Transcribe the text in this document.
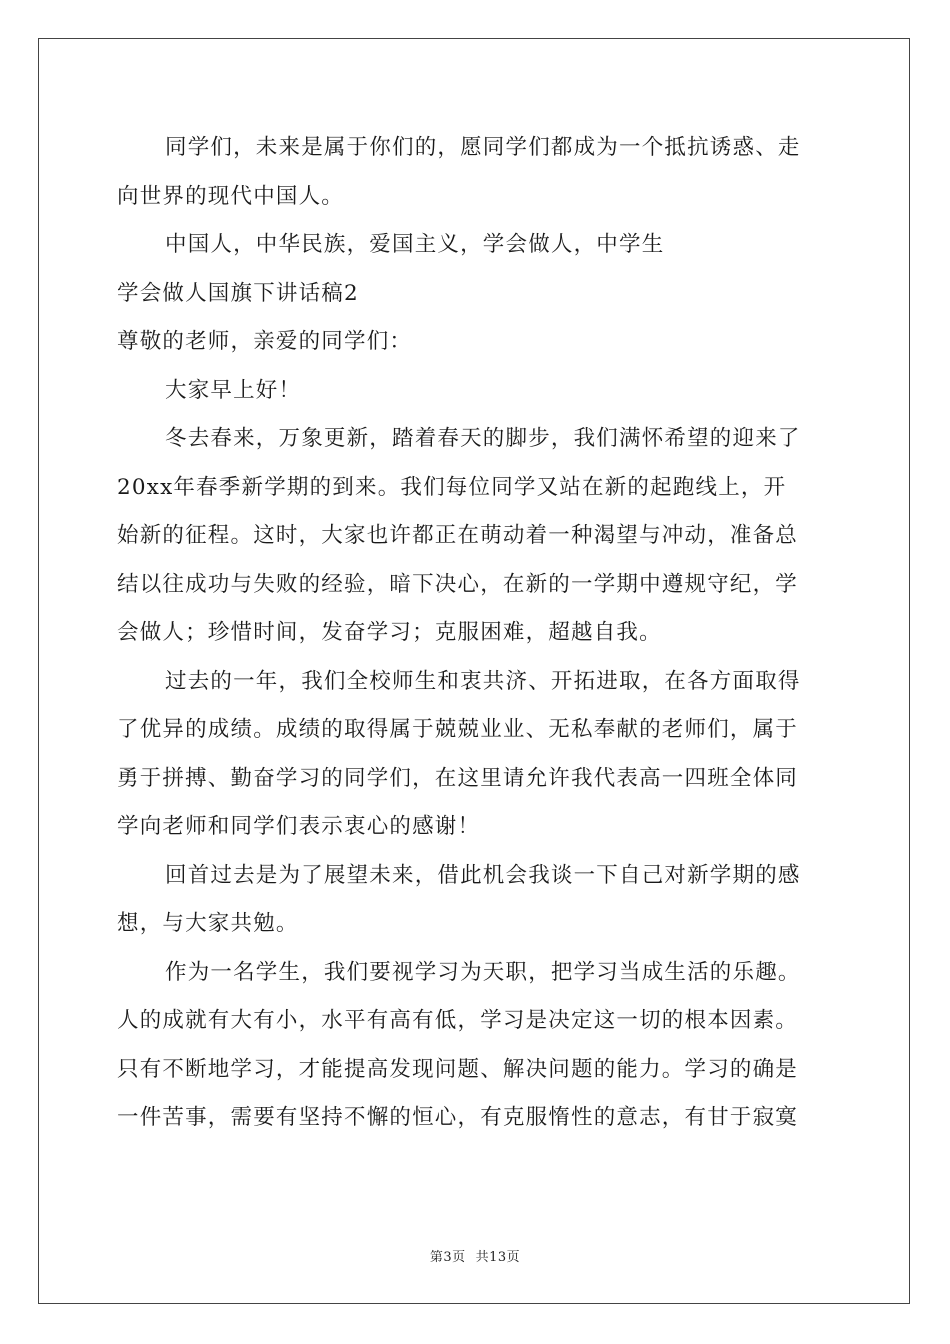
同学们，未来是属于你们的，愿同学们都成为一个抵抗诱惑、走
向世界的现代中国人。
中国人，中华民族，爱国主义，学会做人，中学生
学会做人国旗下讲话稿2
尊敬的老师，亲爱的同学们：
大家早上好！
冬去春来，万象更新，踏着春天的脚步，我们满怀希望的迎来了
20xx年春季新学期的到来。我们每位同学又站在新的起跑线上，开
始新的征程。这时，大家也许都正在萌动着一种渴望与冲动，准备总
结以往成功与失败的经验，暗下决心，在新的一学期中遵规守纪，学
会做人；珍惜时间，发奋学习；克服困难，超越自我。
过去的一年，我们全校师生和衷共济、开拓进取，在各方面取得
了优异的成绩。成绩的取得属于兢兢业业、无私奉献的老师们，属于
勇于拼搏、勤奋学习的同学们，在这里请允许我代表高一四班全体同
学向老师和同学们表示衷心的感谢！
回首过去是为了展望未来，借此机会我谈一下自己对新学期的感
想，与大家共勉。
作为一名学生，我们要视学习为天职，把学习当成生活的乐趣。
人的成就有大有小，水平有高有低，学习是决定这一切的根本因素。
只有不断地学习，才能提高发现问题、解决问题的能力。学习的确是
一件苦事，需要有坚持不懈的恒心，有克服惰性的意志，有甘于寂寞
第3页 共13页
